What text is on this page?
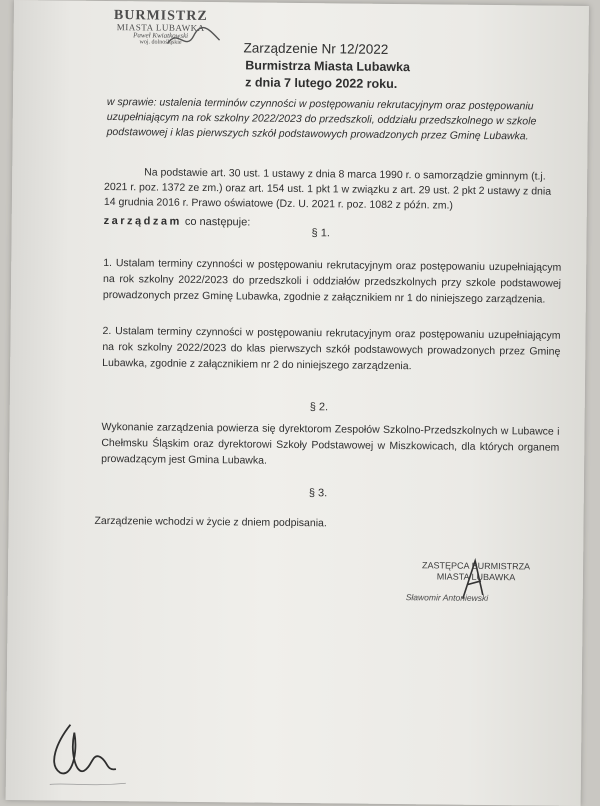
BURMISTRZ
MIASTA LUBAWKA
Paweł Kwiatkowski
woj. dolnośląskie	Zarządzenie Nr 12/2022
Burmistrza Miasta Lubawka
z dnia 7 lutego 2022 roku.
w sprawie: ustalenia terminów czynności w postępowaniu rekrutacyjnym oraz postępowaniu uzupełniającym na rok szkolny 2022/2023 do przedszkoli, oddziału przedszkolnego w szkole podstawowej i klas pierwszych szkół podstawowych prowadzonych przez Gminę Lubawka.
Na podstawie art. 30 ust. 1 ustawy z dnia 8 marca 1990 r. o samorządzie gminnym (t.j. 2021 r. poz. 1372 ze zm.) oraz art. 154 ust. 1 pkt 1 w związku z art. 29 ust. 2 pkt 2 ustawy z dnia 14 grudnia 2016 r. Prawo oświatowe (Dz. U. 2021 r. poz. 1082 z późn. zm.)
zarządzam co następuje:
§ 1.
1. Ustalam terminy czynności w postępowaniu rekrutacyjnym oraz postępowaniu uzupełniającym na rok szkolny 2022/2023 do przedszkoli i oddziałów przedszkolnych przy szkole podstawowej prowadzonych przez Gminę Lubawka, zgodnie z załącznikiem nr 1 do niniejszego zarządzenia.
2. Ustalam terminy czynności w postępowaniu rekrutacyjnym oraz postępowaniu uzupełniającym na rok szkolny 2022/2023 do klas pierwszych szkół podstawowych prowadzonych przez Gminę Lubawka, zgodnie z załącznikiem nr 2 do niniejszego zarządzenia.
§ 2.
Wykonanie zarządzenia powierza się dyrektorom Zespołów Szkolno-Przedszkolnych w Lubawce i Chełmsku Śląskim oraz dyrektorowi Szkoły Podstawowej w Miszkowicach, dla których organem prowadzącym jest Gmina Lubawka.
§ 3.
Zarządzenie wchodzi w życie z dniem podpisania.
ZASTĘPCA BURMISTRZA
MIASTA LUBAWKA
Sławomir Antoniewski
